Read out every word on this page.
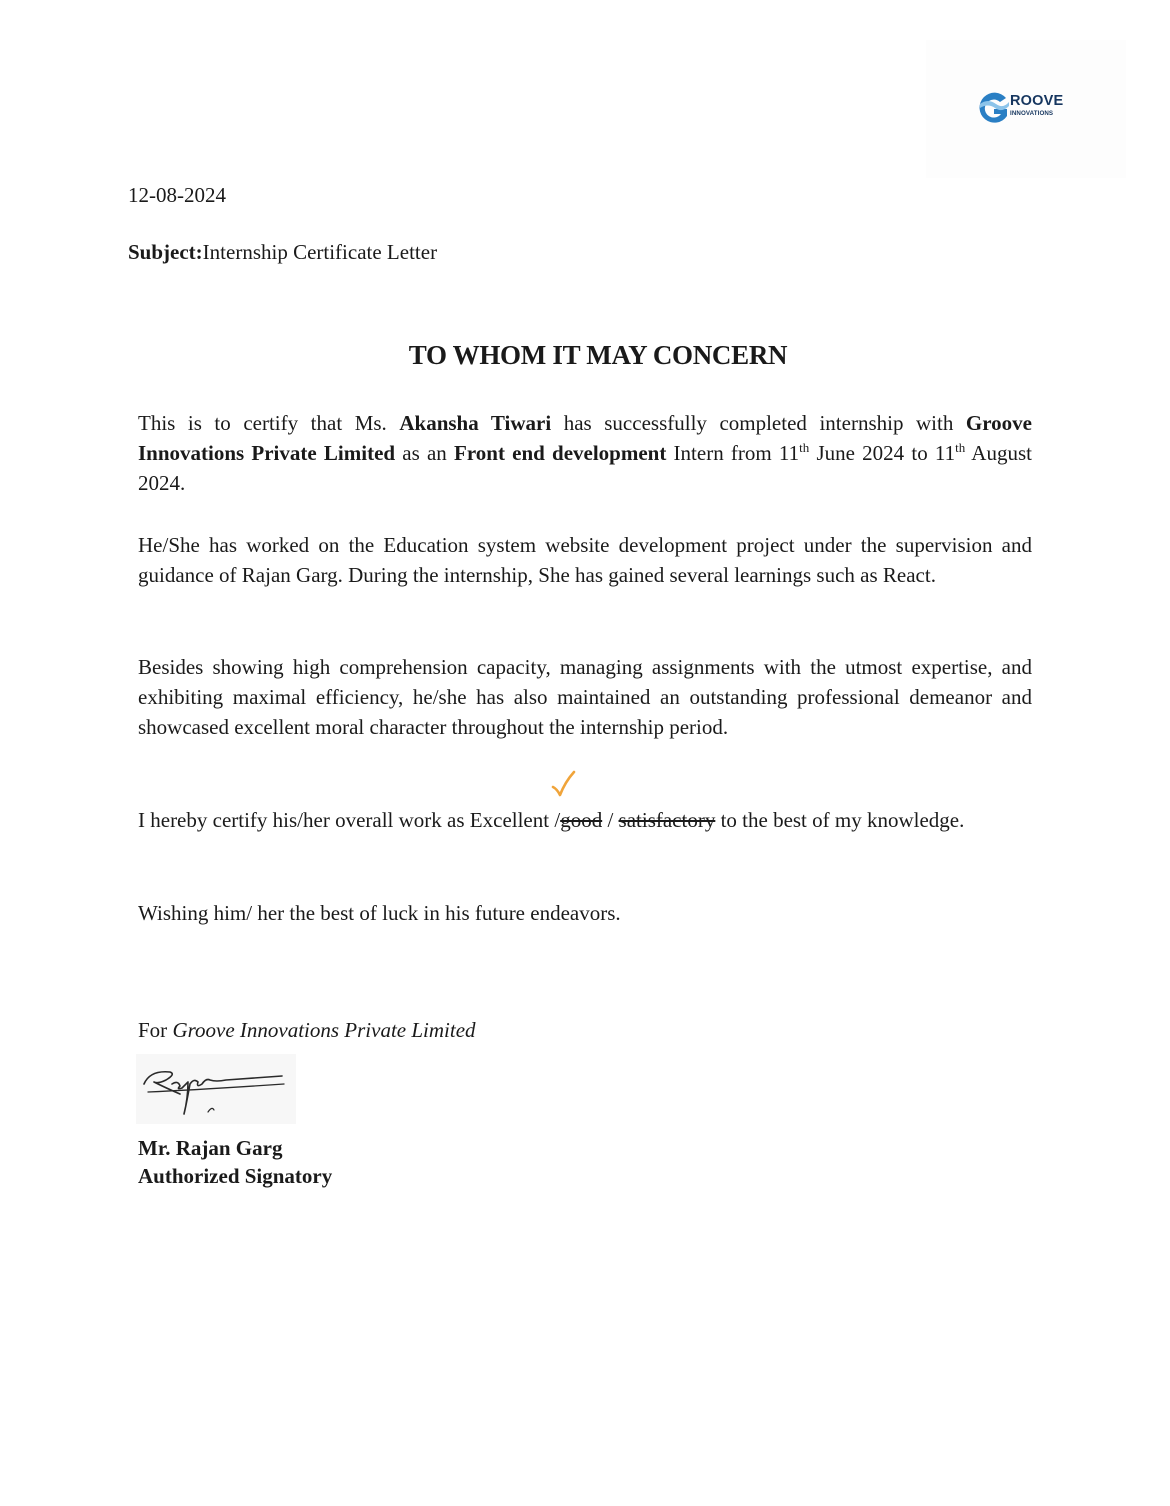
ROOVE
INNOVATIONS
12-08-2024
Subject:Internship Certificate Letter
TO WHOM IT MAY CONCERN
This is to certify that Ms. Akansha Tiwari has successfully completed internship with Groove Innovations Private Limited as an Front end development Intern from 11th June 2024 to 11th August 2024.
He/She has worked on the Education system website development project under the supervision and guidance of Rajan Garg. During the internship, She has gained several learnings such as React.
Besides showing high comprehension capacity, managing assignments with the utmost expertise, and exhibiting maximal efficiency, he/she has also maintained an outstanding professional demeanor and showcased excellent moral character throughout the internship period.
I hereby certify his/her overall work as Excellent /good / satisfactory to the best of my knowledge.
Wishing him/ her the best of luck in his future endeavors.
For Groove Innovations Private Limited
Mr. Rajan Garg
Authorized Signatory
